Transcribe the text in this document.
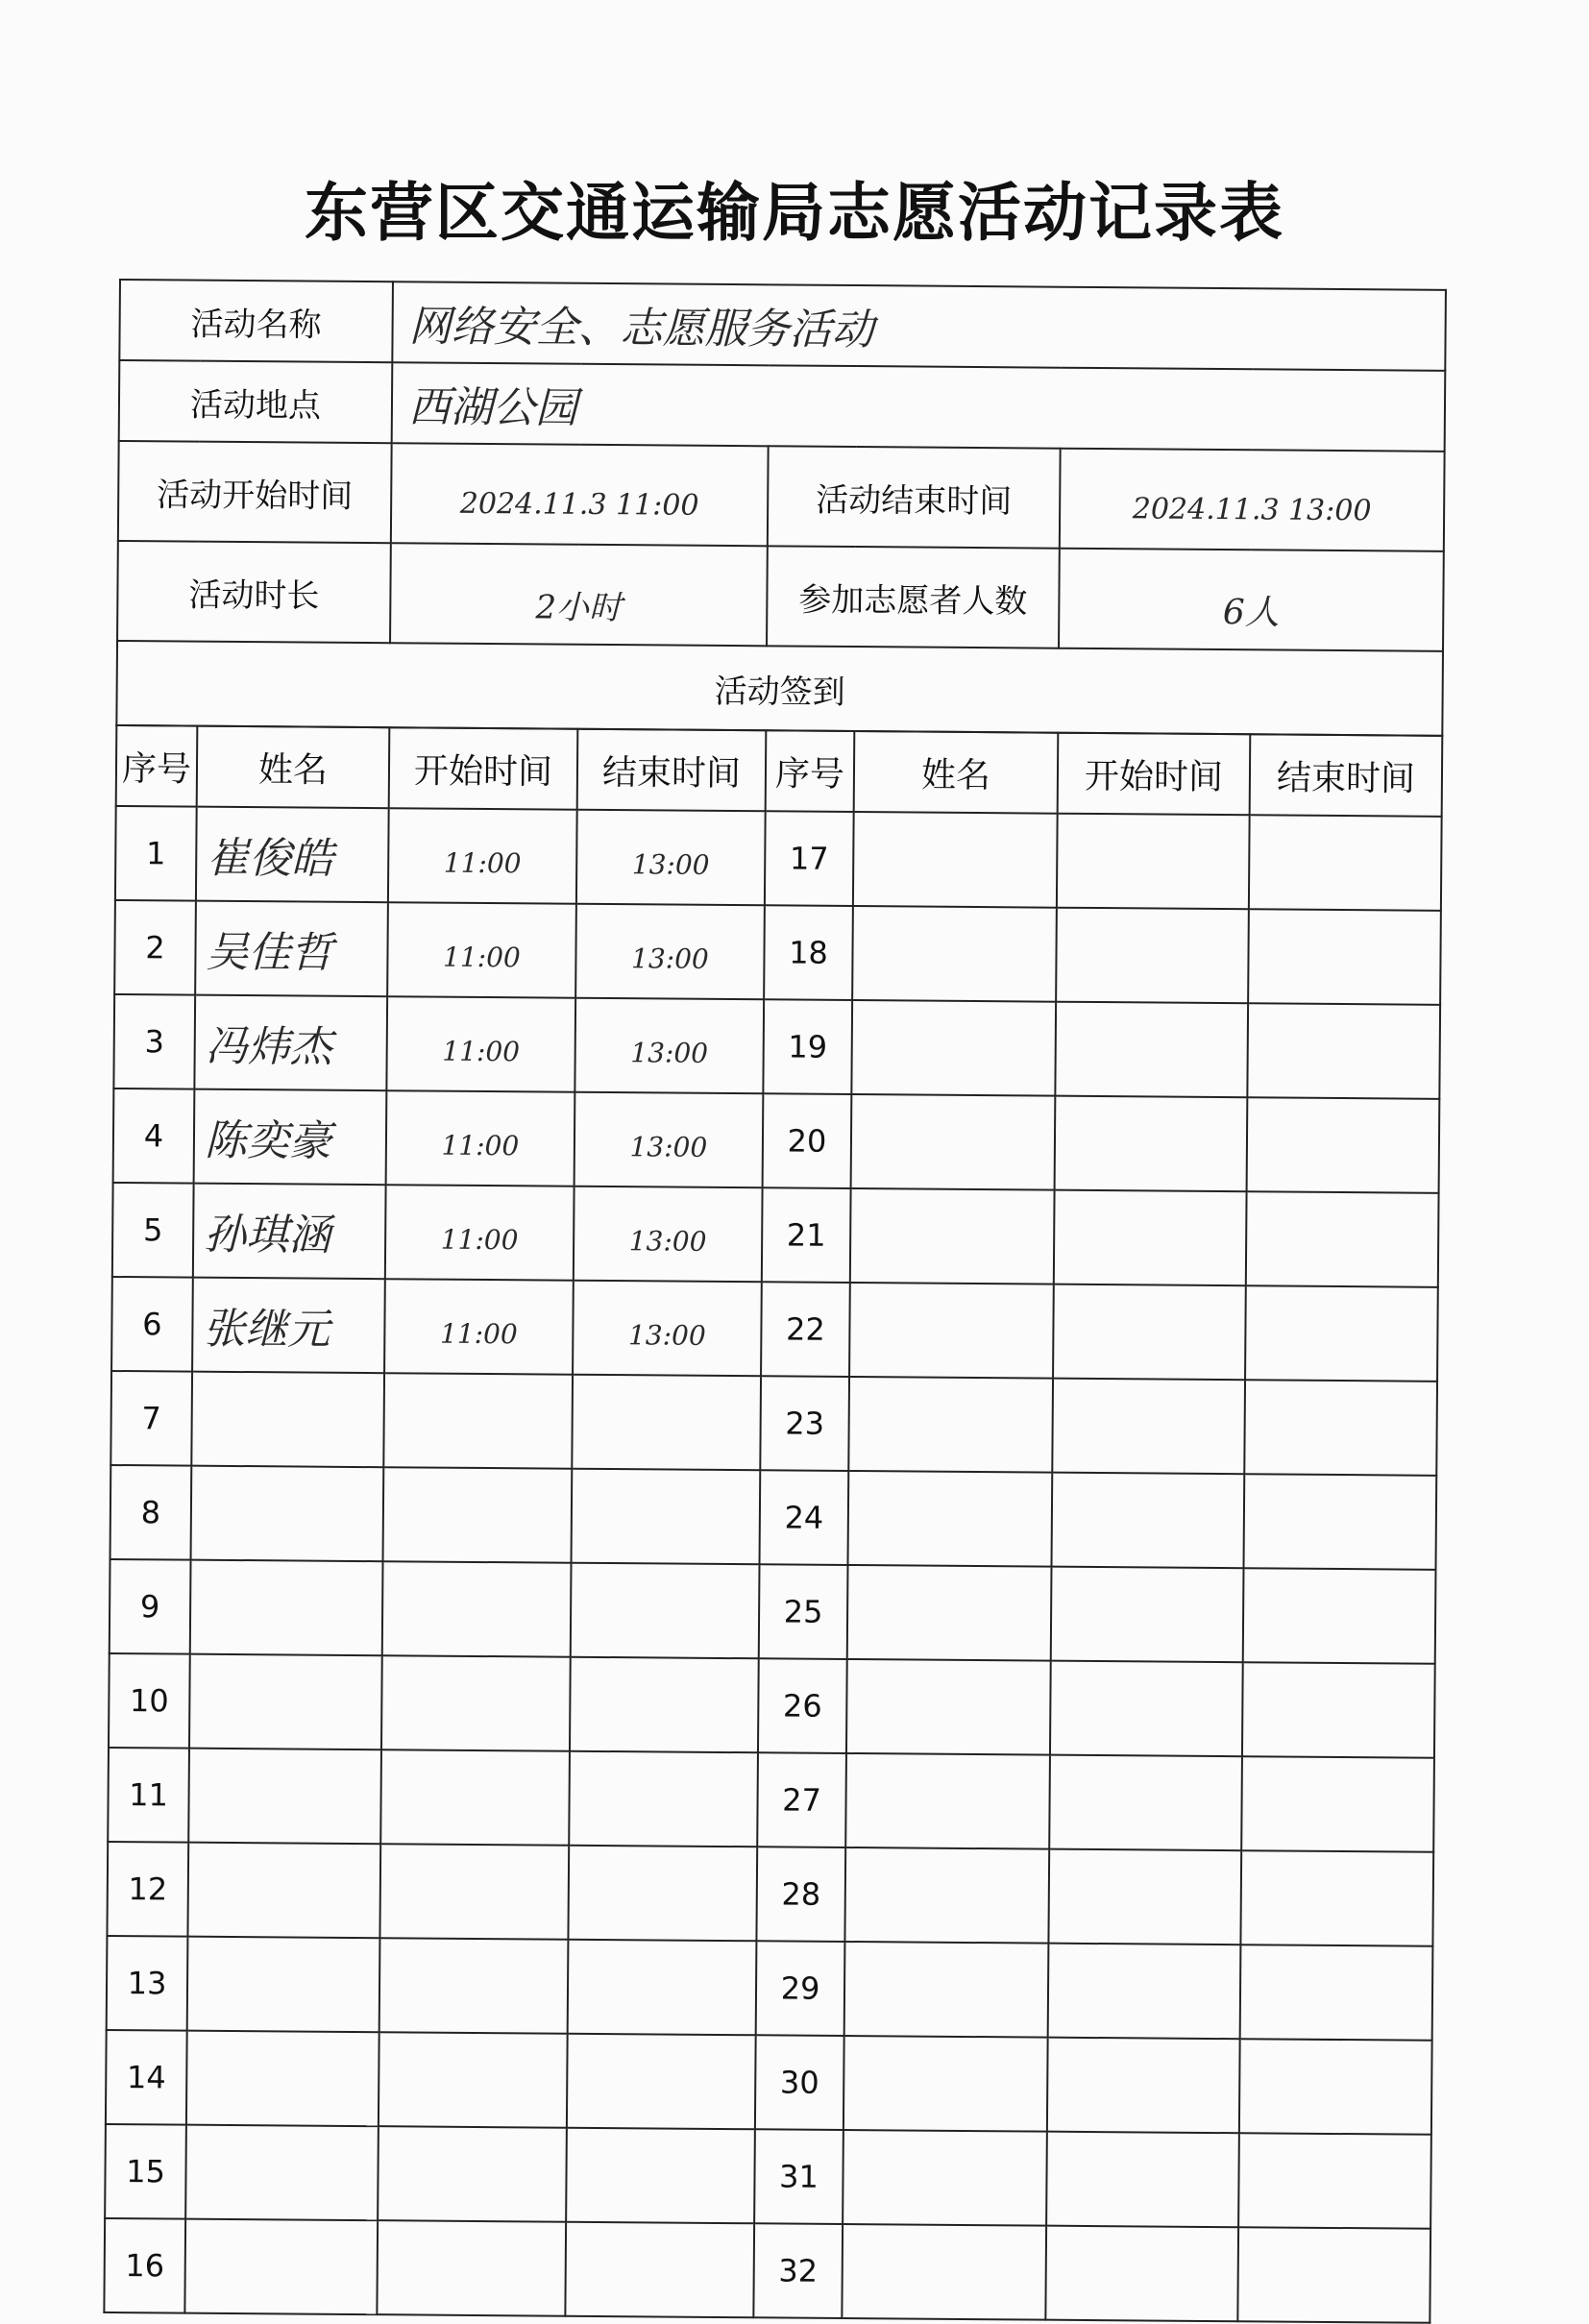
东营区交通运输局志愿活动记录表
活动名称	网络安全、志愿服务活动		
活动地点	西湖公园		
活动开始时间	2024.11.3 11:00	活动结束时间	2024.11.3 13:00
活动时长	2小时	参加志愿者人数	6人
活动签到			
序号	姓名	开始时间	结束时间	序号	姓名	开始时间	结束时间
1	崔俊皓	11:00	13:00	17			
2	吴佳哲	11:00	13:00	18			
3	冯炜杰	11:00	13:00	19			
4	陈奕豪	11:00	13:00	20			
5	孙琪涵	11:00	13:00	21			
6	张继元	11:00	13:00	22			
7				23			
8				24			
9				25			
10				26			
11				27			
12				28			
13				29			
14				30			
15				31			
16				32			
